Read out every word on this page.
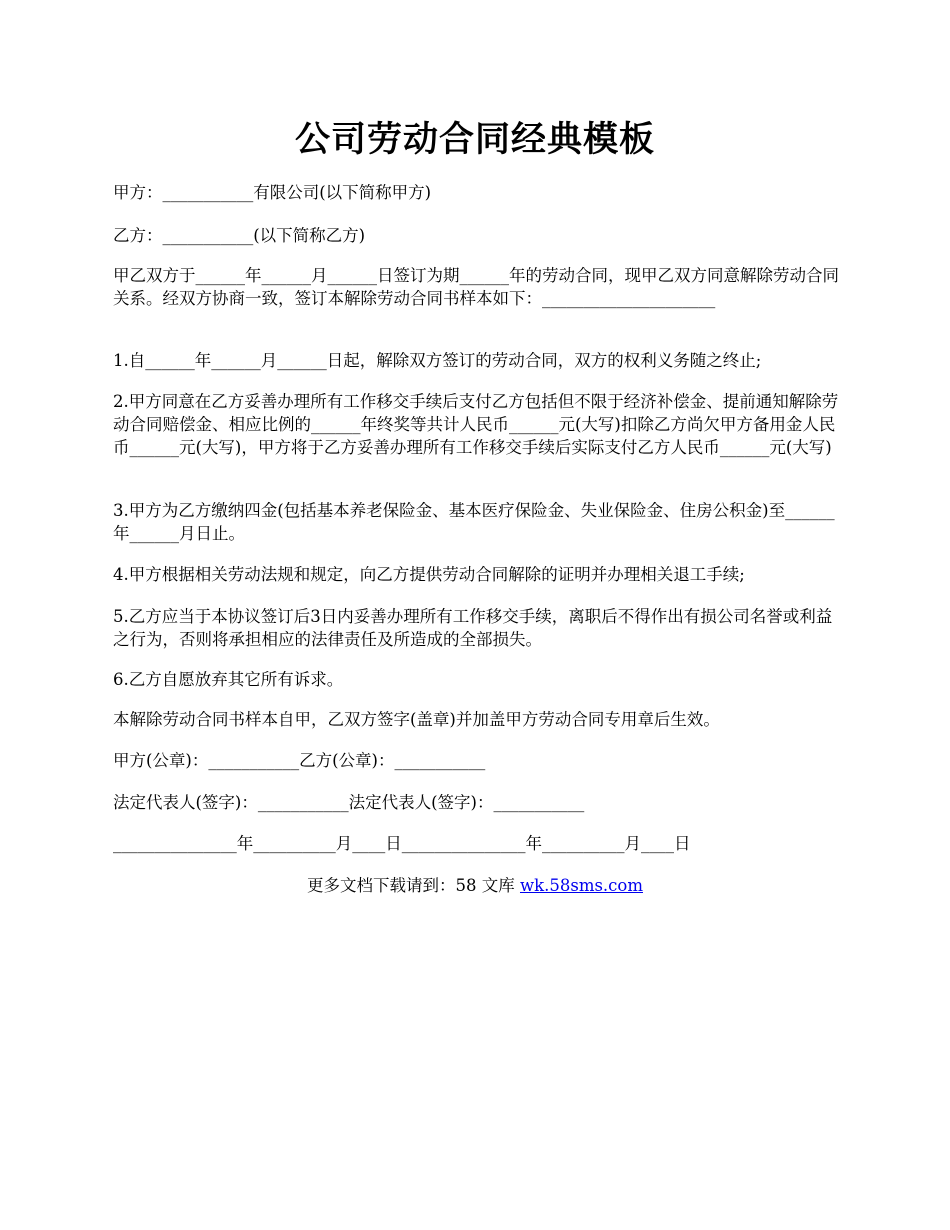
公司劳动合同经典模板
甲方：___________有限公司(以下简称甲方)
乙方：___________(以下简称乙方)
甲乙双方于______年______月______日签订为期______年的劳动合同，现甲乙双方同意解除劳动合同关系。经双方协商一致，签订本解除劳动合同书样本如下：_____________________
1.自______年______月______日起，解除双方签订的劳动合同，双方的权利义务随之终止;
2.甲方同意在乙方妥善办理所有工作移交手续后支付乙方包括但不限于经济补偿金、提前通知解除劳动合同赔偿金、相应比例的______年终奖等共计人民币______元(大写)扣除乙方尚欠甲方备用金人民币______元(大写)，甲方将于乙方妥善办理所有工作移交手续后实际支付乙方人民币______元(大写)
3.甲方为乙方缴纳四金(包括基本养老保险金、基本医疗保险金、失业保险金、住房公积金)至______年______月日止。
4.甲方根据相关劳动法规和规定，向乙方提供劳动合同解除的证明并办理相关退工手续;
5.乙方应当于本协议签订后3日内妥善办理所有工作移交手续，离职后不得作出有损公司名誉或利益之行为，否则将承担相应的法律责任及所造成的全部损失。
6.乙方自愿放弃其它所有诉求。
本解除劳动合同书样本自甲，乙双方签字(盖章)并加盖甲方劳动合同专用章后生效。
甲方(公章)：___________乙方(公章)：___________
法定代表人(签字)：___________法定代表人(签字)：___________
_______________年__________月____日_______________年__________月____日
更多文档下载请到：58 文库 wk.58sms.com
